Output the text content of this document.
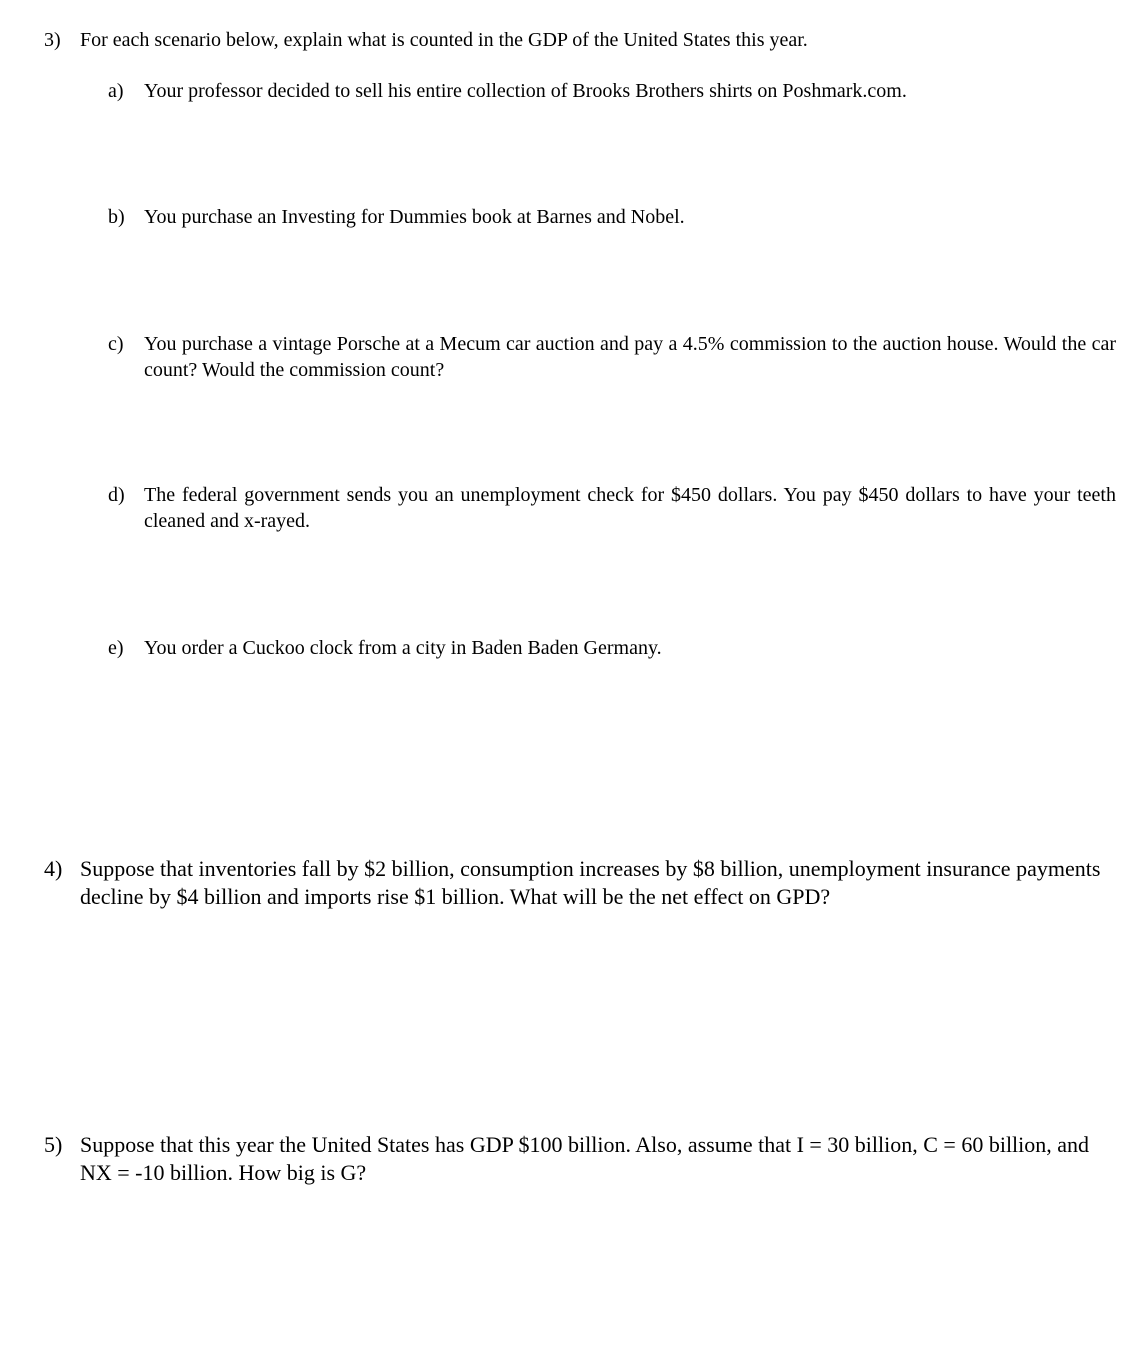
3) For each scenario below, explain what is counted in the GDP of the United States this year.
a)	Your professor decided to sell his entire collection of Brooks Brothers shirts on Poshmark.com.
b) You purchase an Investing for Dummies book at Barnes and Nobel.
c)	You purchase a vintage Porsche at a Mecum car auction and pay a 4.5% commission to the auction house. Would the car count? Would the commission count?
d) The federal government sends you an unemployment check for $450 dollars. You pay $450 dollars to have your teeth cleaned and x-rayed.
e)	You order a Cuckoo clock from a city in Baden Baden Germany.
4) Suppose that inventories fall by $2 billion, consumption increases by $8 billion, unemployment insurance payments decline by $4 billion and imports rise $1 billion. What will be the net effect on GPD?
5) Suppose that this year the United States has GDP $100 billion. Also, assume that I = 30 billion, C = 60 billion, and NX = -10 billion. How big is G?
